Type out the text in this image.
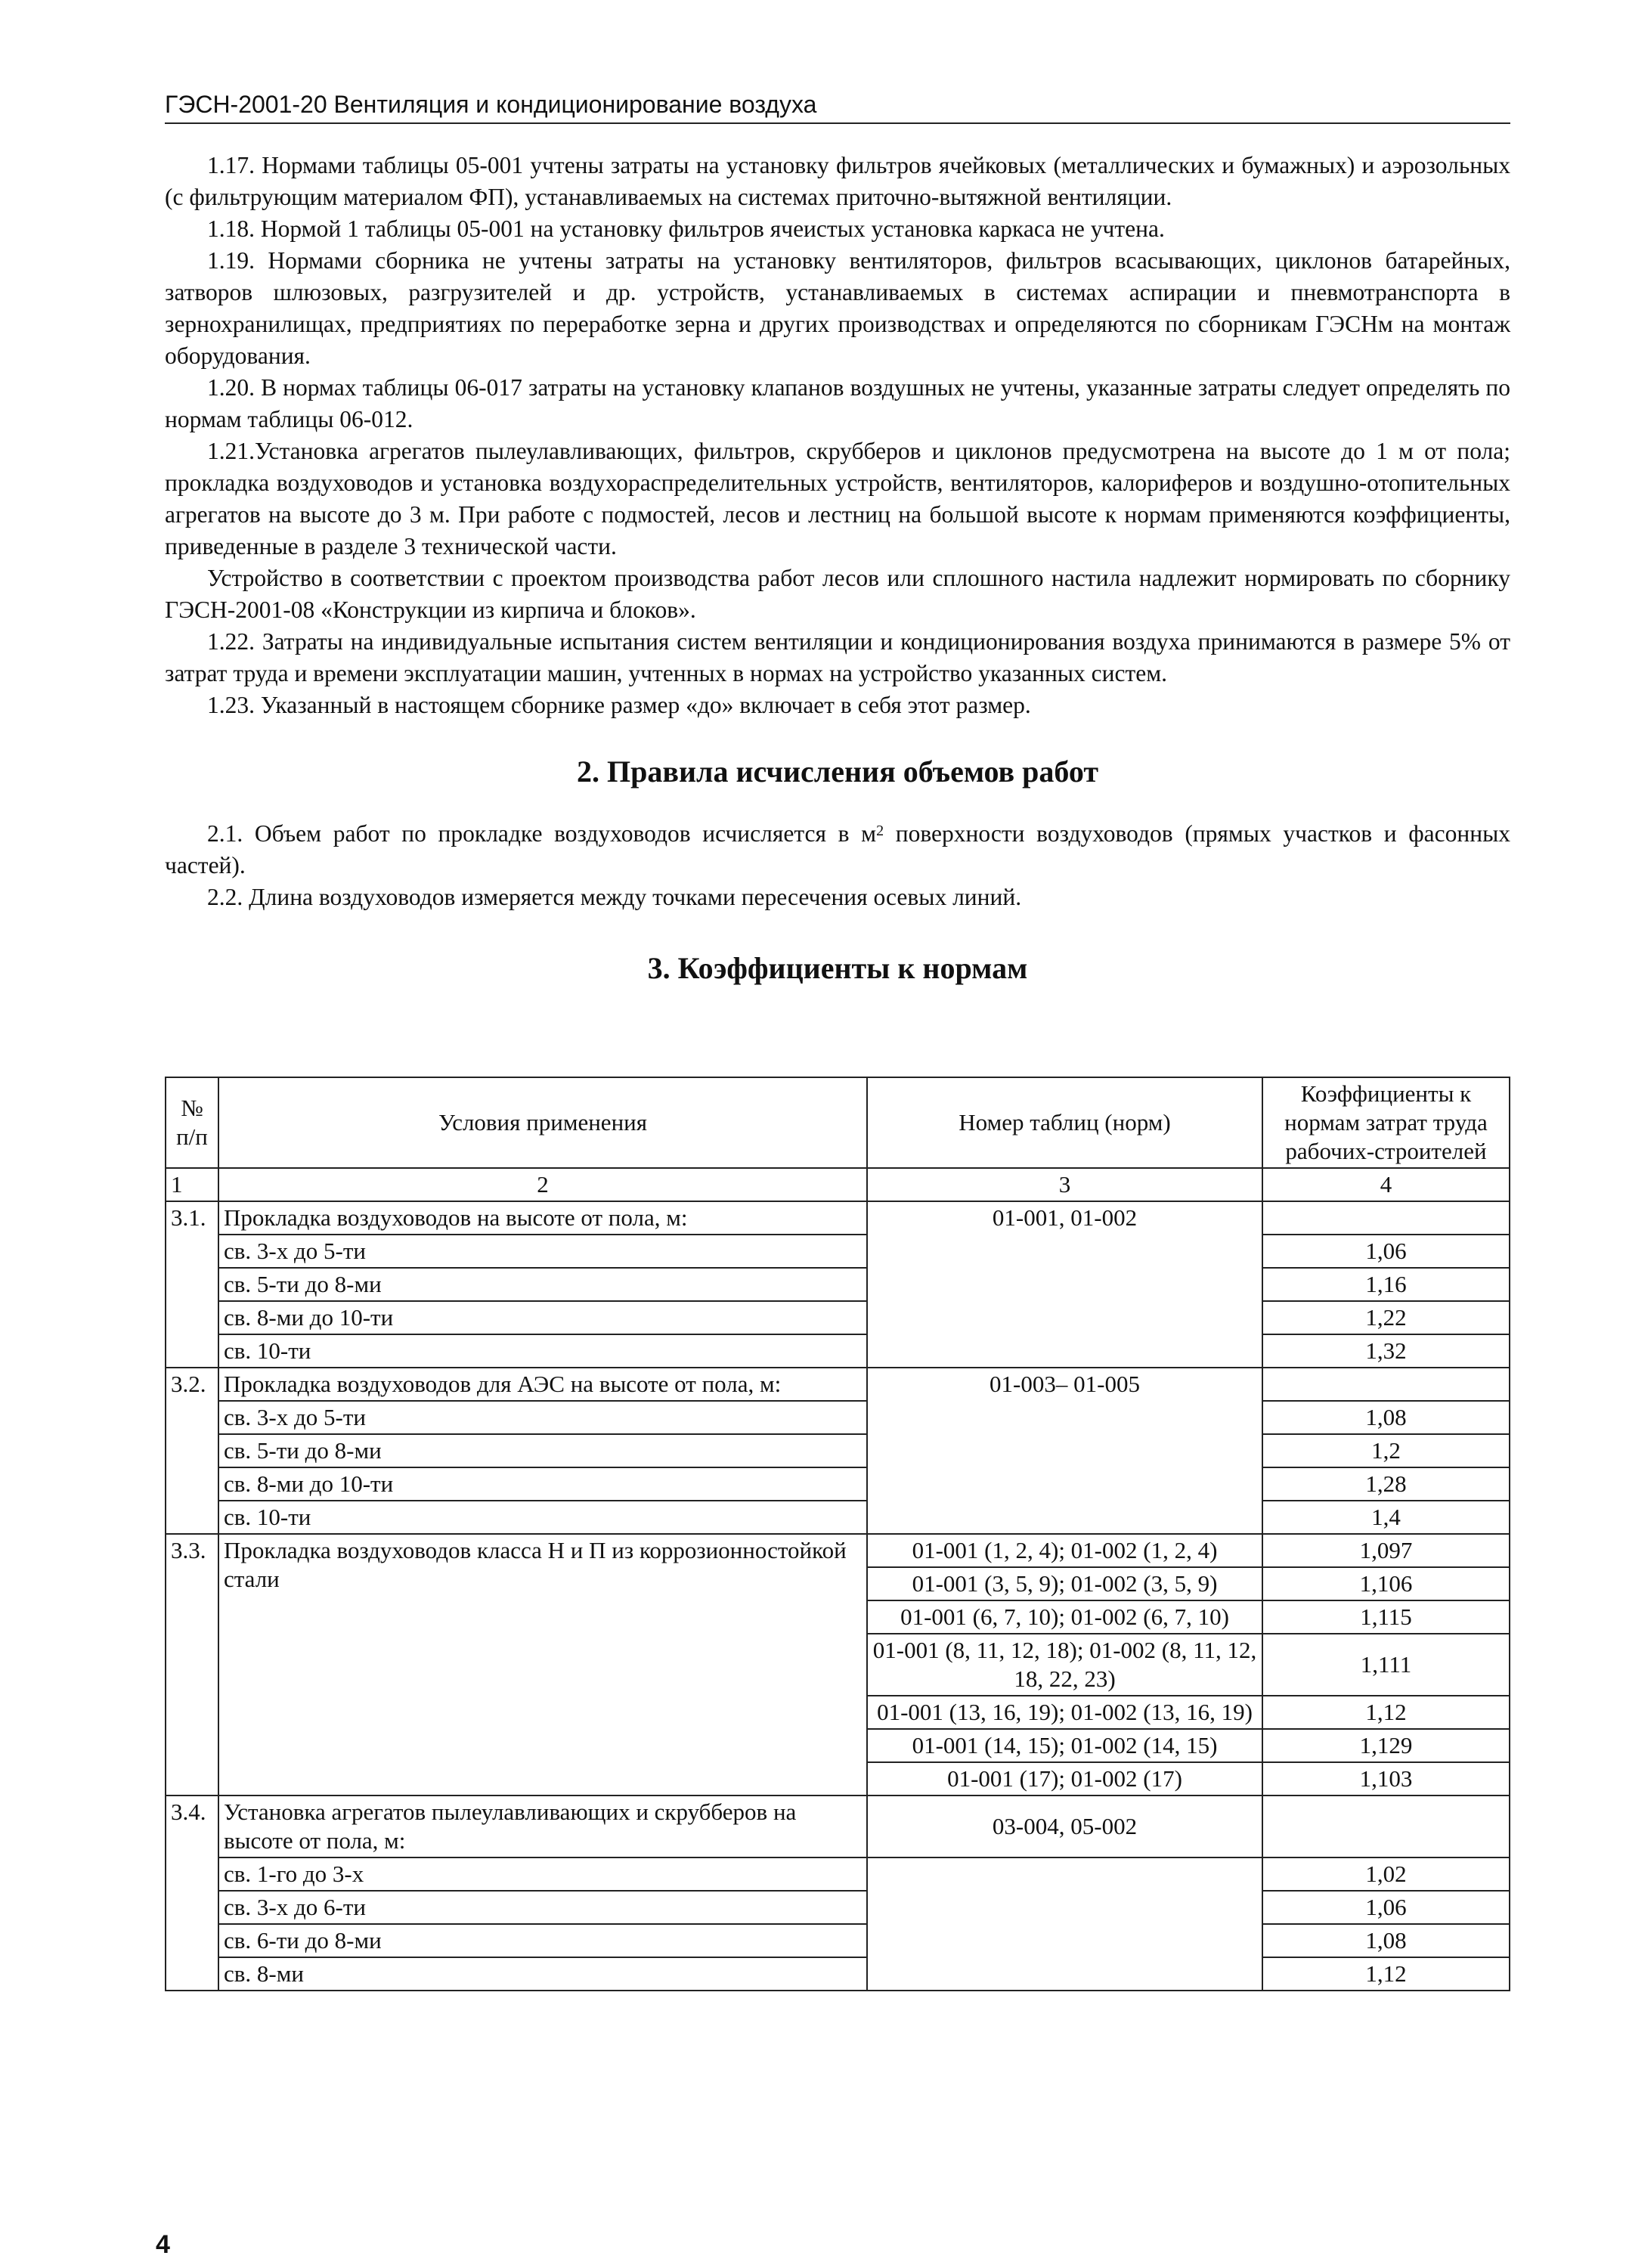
ГЭСН-2001-20 Вентиляция и кондиционирование воздуха

1.17. Нормами таблицы 05-001 учтены затраты на установку фильтров ячейковых (металлических и бумажных) и аэрозольных (с фильтрующим материалом ФП), устанавливаемых на системах приточно-вытяжной вентиляции.

1.18. Нормой 1 таблицы 05-001 на установку фильтров ячеистых установка каркаса не учтена.

1.19. Нормами сборника не учтены затраты на установку вентиляторов, фильтров всасывающих, циклонов батарейных, затворов шлюзовых, разгрузителей и др. устройств, устанавливаемых в системах аспирации и пневмотранспорта в зернохранилищах, предприятиях по переработке зерна и других производствах и определяются по сборникам ГЭСНм на монтаж оборудования.

1.20. В нормах таблицы 06-017 затраты на установку клапанов воздушных не учтены, указанные затраты следует определять по нормам таблицы 06-012.

1.21.Установка агрегатов пылеулавливающих, фильтров, скрубберов и циклонов предусмотрена на высоте до 1 м от пола; прокладка воздуховодов и установка воздухораспределительных устройств, вентиляторов, калориферов и воздушно-отопительных агрегатов на высоте до 3 м. При работе с подмостей, лесов и лестниц на большой высоте к нормам применяются коэффициенты, приведенные в разделе 3 технической части.

Устройство в соответствии с проектом производства работ лесов или сплошного настила надлежит нормировать по сборнику ГЭСН-2001-08 «Конструкции из кирпича и блоков».

1.22. Затраты на индивидуальные испытания систем вентиляции и кондиционирования воздуха принимаются в размере 5% от затрат труда и времени эксплуатации машин, учтенных в нормах на устройство указанных систем.

1.23. Указанный в настоящем сборнике размер «до» включает в себя этот размер.

2. Правила исчисления объемов работ

2.1. Объем работ по прокладке воздуховодов исчисляется в $м^2$ поверхности воздуховодов (прямых участков и фасонных частей).

2.2. Длина воздуховодов измеряется между точками пересечения осевых линий.

3. Коэффициенты к нормам
№ п/п	Условия применения	Номер таблиц (норм)	Коэффициенты к нормам затрат труда рабочих-строителей
1	2	3	4
3.1.	Прокладка воздуховодов на высоте от пола, м:	01-001, 01-002	
	св. 3-х до 5-ти		1,06
	св. 5-ти до 8-ми		1,16
	св. 8-ми до 10-ти		1,22
	св. 10-ти		1,32
3.2.	Прокладка воздуховодов для АЭС на высоте от пола, м:	01-003– 01-005	
	св. 3-х до 5-ти		1,08
	св. 5-ти до 8-ми		1,2
	св. 8-ми до 10-ти		1,28
	св. 10-ти		1,4
3.3.	Прокладка воздуховодов класса Н и П из коррозионностойкой стали	01-001 (1, 2, 4); 01-002 (1, 2, 4)	1,097
		01-001 (3, 5, 9); 01-002 (3, 5, 9)	1,106
		01-001 (6, 7, 10); 01-002 (6, 7, 10)	1,115
		01-001 (8, 11, 12, 18); 01-002 (8, 11, 12, 18, 22, 23)	1,111
		01-001 (13, 16, 19); 01-002 (13, 16, 19)	1,12
		01-001 (14, 15); 01-002 (14, 15)	1,129
		01-001 (17); 01-002 (17)	1,103
3.4.	Установка агрегатов пылеулавливающих и скрубберов на высоте от пола, м:	03-004, 05-002	
	св. 1-го до 3-х		1,02
	св. 3-х до 6-ти		1,06
	св. 6-ти до 8-ми		1,08
	св. 8-ми		1,12
4
